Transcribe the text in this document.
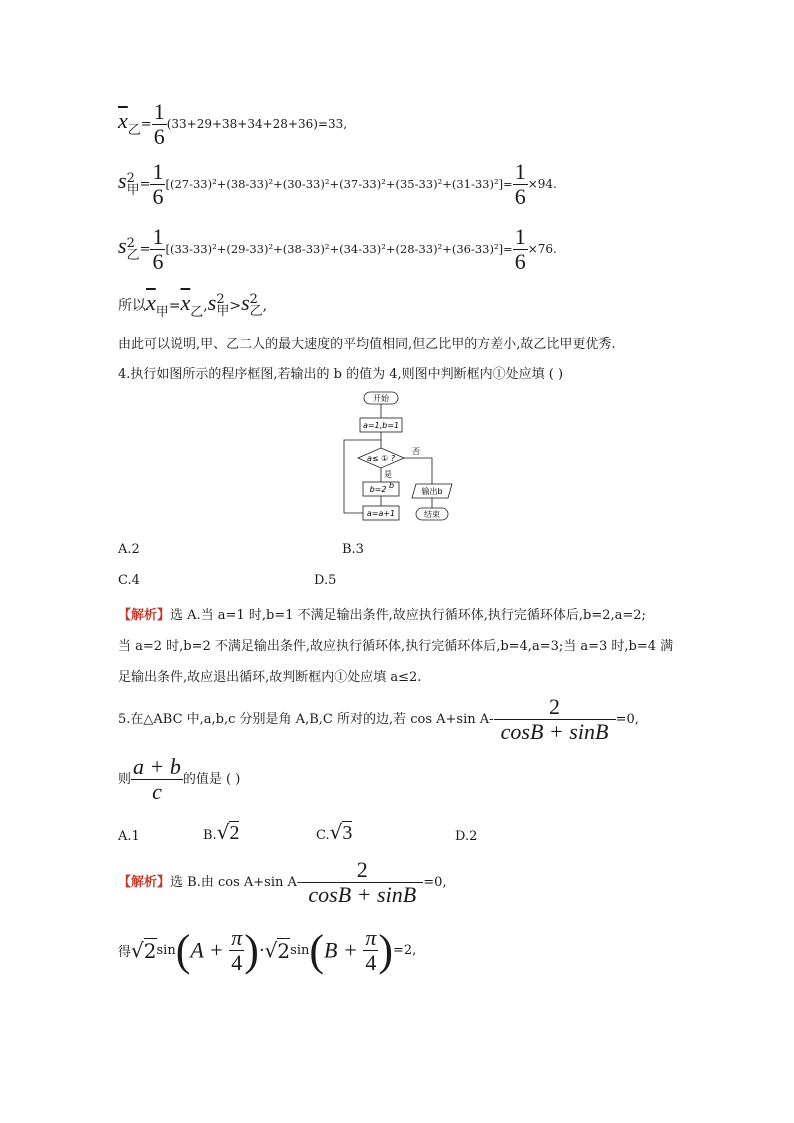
$\overline{x}$乙= $\frac{1}{6} (33+29+38+34+28+36)=33$,
s 2
甲 = $\frac{1}{6} [(27-33)^2+(38-33)^2+(30-33)^2+(37-33)^2+(35-33)^2+(31-33)^2]= \frac{1}{6} \times 94$.
s 2
乙 = $\frac{1}{6} [(33-33)^2+(29-33)^2+(38-33)^2+(34-33)^2+(28-33)^2+(36-33)^2]= \frac{1}{6} \times 76$.
所以$\overline{x}$甲$=\overline{x}$乙,s 2
甲 >s 2
乙 ,
由此可以说明,甲、乙二人的最大速度的平均值相同,但乙比甲的方差小,故乙比甲更优秀.
4.执行如图所示的程序框图,若输出的 b 的值为 4,则图中判断框内①处应填 ( )
开始
a=1,b=1
a≤ ① ?
是
否
b=2 b
a=a+1
输出b
结束
A.2	B.3
C.4	D.5
【解析】选 A.当 a=1 时,b=1 不满足输出条件,故应执行循环体,执行完循环体后,b=2,a=2;
当 a=2 时,b=2 不满足输出条件,故应执行循环体,执行完循环体后,b=4,a=3;当 a=3 时,b=4 满
足输出条件,故应退出循环,故判断框内①处应填 a≤2.
5.在△ABC 中,a,b,c 分别是角 A,B,C 所对的边,若 cos A+sin $A- \frac{2}{\cos B + \sin B} =0$,
则 $\frac{a + b}{c}$ 的值是 ( )
A.1	B.√2	C.√3	D.2
【解析】选 B.由 cos A+sin $A- \frac{2}{\cos B + \sin B} =0$,
得$√2\sin(A + \frac{\pi}{4} )\cdot√2\sin(B + \frac{\pi}{4} )=2$,
